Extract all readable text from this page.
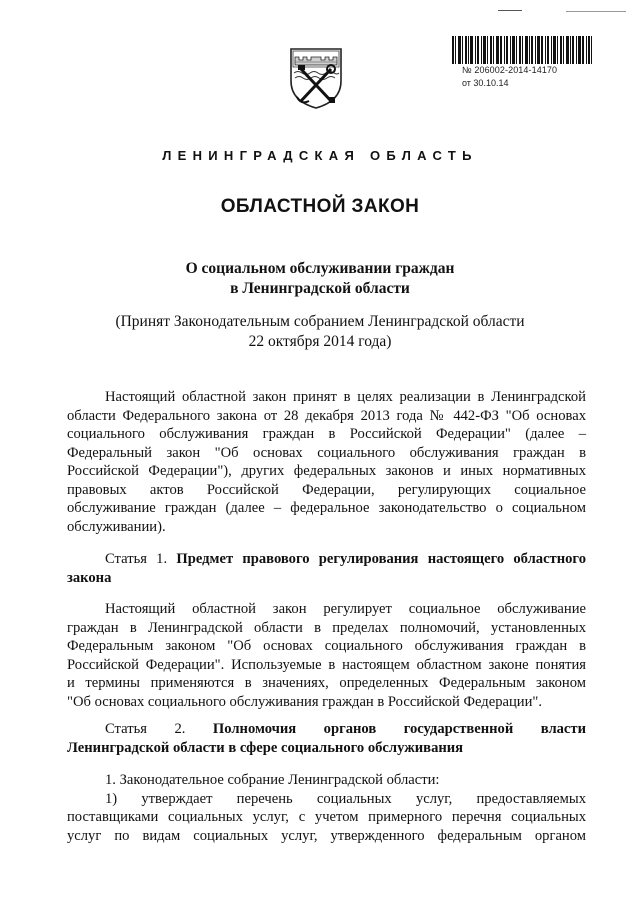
№ 206002-2014-14170
от 30.10.14
ЛЕНИНГРАДСКАЯ ОБЛАСТЬ
ОБЛАСТНОЙ ЗАКОН
О социальном обслуживании граждан
в Ленинградской области
(Принят Законодательным собранием Ленинградской области
22 октября 2014 года)
Настоящий областной закон принят в целях реализации в Ленинградской
области Федерального закона от 28 декабря 2013 года № 442-ФЗ "Об основах
социального обслуживания граждан в Российской Федерации" (далее –
Федеральный закон "Об основах социального обслуживания граждан в
Российской Федерации"), других федеральных законов и иных нормативных
правовых актов Российской Федерации, регулирующих социальное
обслуживание граждан (далее – федеральное законодательство о социальном
обслуживании).
Статья 1. Предмет правового регулирования настоящего областного
закона
Настоящий областной закон регулирует социальное обслуживание
граждан в Ленинградской области в пределах полномочий, установленных
Федеральным законом "Об основах социального обслуживания граждан в
Российской Федерации". Используемые в настоящем областном законе понятия
и термины применяются в значениях, определенных Федеральным законом
"Об основах социального обслуживания граждан в Российской Федерации".
Статья 2. Полномочия органов государственной власти
Ленинградской области в сфере социального обслуживания
1. Законодательное собрание Ленинградской области:
1) утверждает перечень социальных услуг, предоставляемых
поставщиками социальных услуг, с учетом примерного перечня социальных
услуг по видам социальных услуг, утвержденного федеральным органом
